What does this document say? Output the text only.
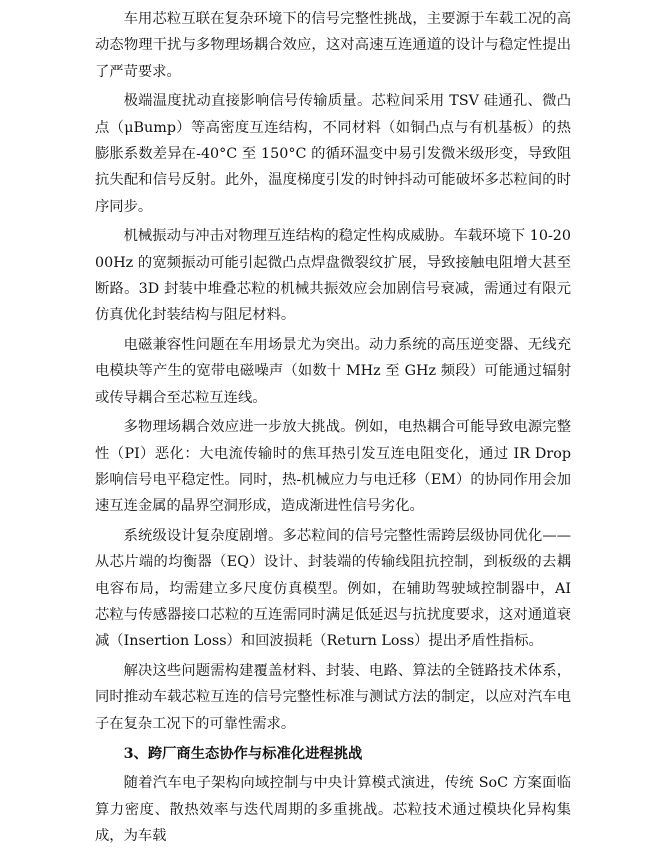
车用芯粒互联在复杂环境下的信号完整性挑战，主要源于车载工况的高动态物理干扰与多物理场耦合效应，这对高速互连通道的设计与稳定性提出了严苛要求。

极端温度扰动直接影响信号传输质量。芯粒间采用 TSV 硅通孔、微凸点（μBump）等高密度互连结构，不同材料（如铜凸点与有机基板）的热膨胀系数差异在-40°C 至 150°C 的循环温变中易引发微米级形变，导致阻抗失配和信号反射。此外，温度梯度引发的时钟抖动可能破坏多芯粒间的时序同步。

机械振动与冲击对物理互连结构的稳定性构成威胁。车载环境下 10-2000Hz 的宽频振动可能引起微凸点焊盘微裂纹扩展，导致接触电阻增大甚至断路。3D 封装中堆叠芯粒的机械共振效应会加剧信号衰减，需通过有限元仿真优化封装结构与阻尼材料。

电磁兼容性问题在车用场景尤为突出。动力系统的高压逆变器、无线充电模块等产生的宽带电磁噪声（如数十 MHz 至 GHz 频段）可能通过辐射或传导耦合至芯粒互连线。

多物理场耦合效应进一步放大挑战。例如，电热耦合可能导致电源完整性（PI）恶化：大电流传输时的焦耳热引发互连电阻变化，通过 IR Drop 影响信号电平稳定性。同时，热-机械应力与电迁移（EM）的协同作用会加速互连金属的晶界空洞形成，造成渐进性信号劣化。

系统级设计复杂度剧增。多芯粒间的信号完整性需跨层级协同优化——从芯片端的均衡器（EQ）设计、封装端的传输线阻抗控制，到板级的去耦电容布局，均需建立多尺度仿真模型。例如，在辅助驾驶域控制器中，AI 芯粒与传感器接口芯粒的互连需同时满足低延迟与抗扰度要求，这对通道衰减（Insertion Loss）和回波损耗（Return Loss）提出矛盾性指标。

解决这些问题需构建覆盖材料、封装、电路、算法的全链路技术体系，同时推动车载芯粒互连的信号完整性标准与测试方法的制定，以应对汽车电子在复杂工况下的可靠性需求。

3、跨厂商生态协作与标准化进程挑战

随着汽车电子架构向域控制与中央计算模式演进，传统 SoC 方案面临算力密度、散热效率与迭代周期的多重挑战。芯粒技术通过模块化异构集成，为车载
